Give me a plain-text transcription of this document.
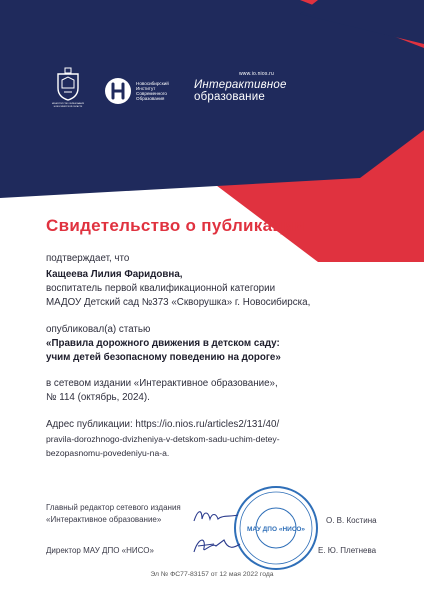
МИНИСТЕРСТВО ОБРАЗОВАНИЯ НОВОСИБИРСКОЙ ОБЛАСТИ
Новосибирский
Институт
Современного
Образования
www.io.nios.ru
Интерактивное
образование
Свидетельство о публикации
подтверждает, что
Кащеева Лилия Фаридовна,
воспитатель первой квалификационной категории
МАДОУ Детский сад №373 «Скворушка» г. Новосибирска,
опубликовал(а) статью
«Правила дорожного движения в детском саду:
учим детей безопасному поведению на дороге»
в сетевом издании «Интерактивное образование»,
№ 114 (октябрь, 2024).
Адрес публикации: https://io.nios.ru/articles2/131/40/
pravila-dorozhnogo-dvizheniya-v-detskom-sadu-uchim-detey-
bezopasnomu-povedeniyu-na-а.
МАУ ДПО «НИСО»
Главный редактор сетевого издания
«Интерактивное образование»	О. В. Костина
Директор МАУ ДПО «НИСО»	Е. Ю. Плетнева
Эл № ФС77-83157 от 12 мая 2022 года
